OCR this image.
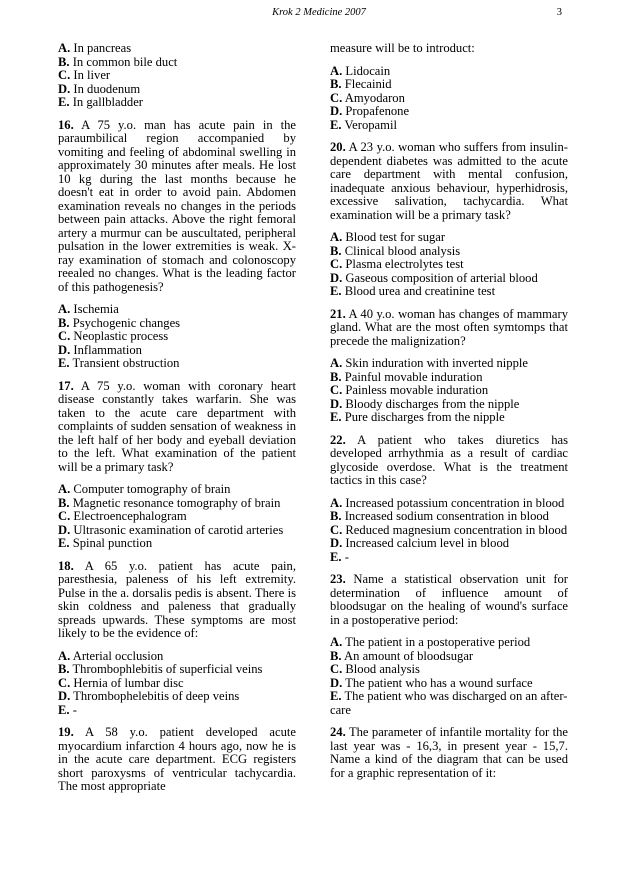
Krok 2 Medicine 2007	3
A. In pancreas
B. In common bile duct
C. In liver
D. In duodenum
E. In gallbladder

16. A 75 y.o. man has acute pain in the paraumbilical region accompanied by vomiting and feeling of abdominal swelling in approximately 30 minutes after meals. He lost 10 kg during the last months because he doesn't eat in order to avoid pain. Abdomen examination reveals no changes in the periods between pain attacks. Above the right femoral artery a murmur can be auscultated, peripheral pulsation in the lower extremities is weak. X-ray examination of stomach and colonoscopy reealed no changes. What is the leading factor of this pathogenesis?

A. Ischemia
B. Psychogenic changes
C. Neoplastic process
D. Inflammation
E. Transient obstruction

17. A 75 y.o. woman with coronary heart disease constantly takes warfarin. She was taken to the acute care department with complaints of sudden sensation of weakness in the left half of her body and eyeball deviation to the left. What examination of the patient will be a primary task?

A. Computer tomography of brain
B. Magnetic resonance tomography of brain
C. Electroencephalogram
D. Ultrasonic examination of carotid arteries
E. Spinal punction

18. A 65 y.o. patient has acute pain, paresthesia, paleness of his left extremity. Pulse in the a. dorsalis pedis is absent. There is skin coldness and paleness that gradually spreads upwards. These symptoms are most likely to be the evidence of:

A. Arterial occlusion
B. Thrombophlebitis of superficial veins
C. Hernia of lumbar disc
D. Thrombophelebitis of deep veins
E. -

19. A 58 y.o. patient developed acute myocardium infarction 4 hours ago, now he is in the acute care department. ECG registers short paroxysms of ventricular tachycardia. The most appropriate

measure will be to introduct:

A. Lidocain
B. Flecainid
C. Amyodaron
D. Propafenone
E. Veropamil

20. A 23 y.o. woman who suffers from insulin-dependent diabetes was admitted to the acute care department with mental confusion, inadequate anxious behaviour, hyperhidrosis, excessive salivation, tachycardia. What examination will be a primary task?

A. Blood test for sugar
B. Clinical blood analysis
C. Plasma electrolytes test
D. Gaseous composition of arterial blood
E. Blood urea and creatinine test

21. A 40 y.o. woman has changes of mammary gland. What are the most often symtomps that precede the malignization?

A. Skin induration with inverted nipple
B. Painful movable induration
C. Painless movable induration
D. Bloody discharges from the nipple
E. Pure discharges from the nipple

22. A patient who takes diuretics has developed arrhythmia as a result of cardiac glycoside overdose. What is the treatment tactics in this case?

A. Increased potassium concentration in blood
B. Increased sodium consentration in blood
C. Reduced magnesium concentration in blood
D. Increased calcium level in blood
E. -

23. Name a statistical observation unit for determination of influence amount of bloodsugar on the healing of wound's surface in a postoperative period:

A. The patient in a postoperative period
B. An amount of bloodsugar
C. Blood analysis
D. The patient who has a wound surface
E. The patient who was discharged on an after-care

24. The parameter of infantile mortality for the last year was - 16,3, in present year - 15,7. Name a kind of the diagram that can be used for a graphic representation of it:
